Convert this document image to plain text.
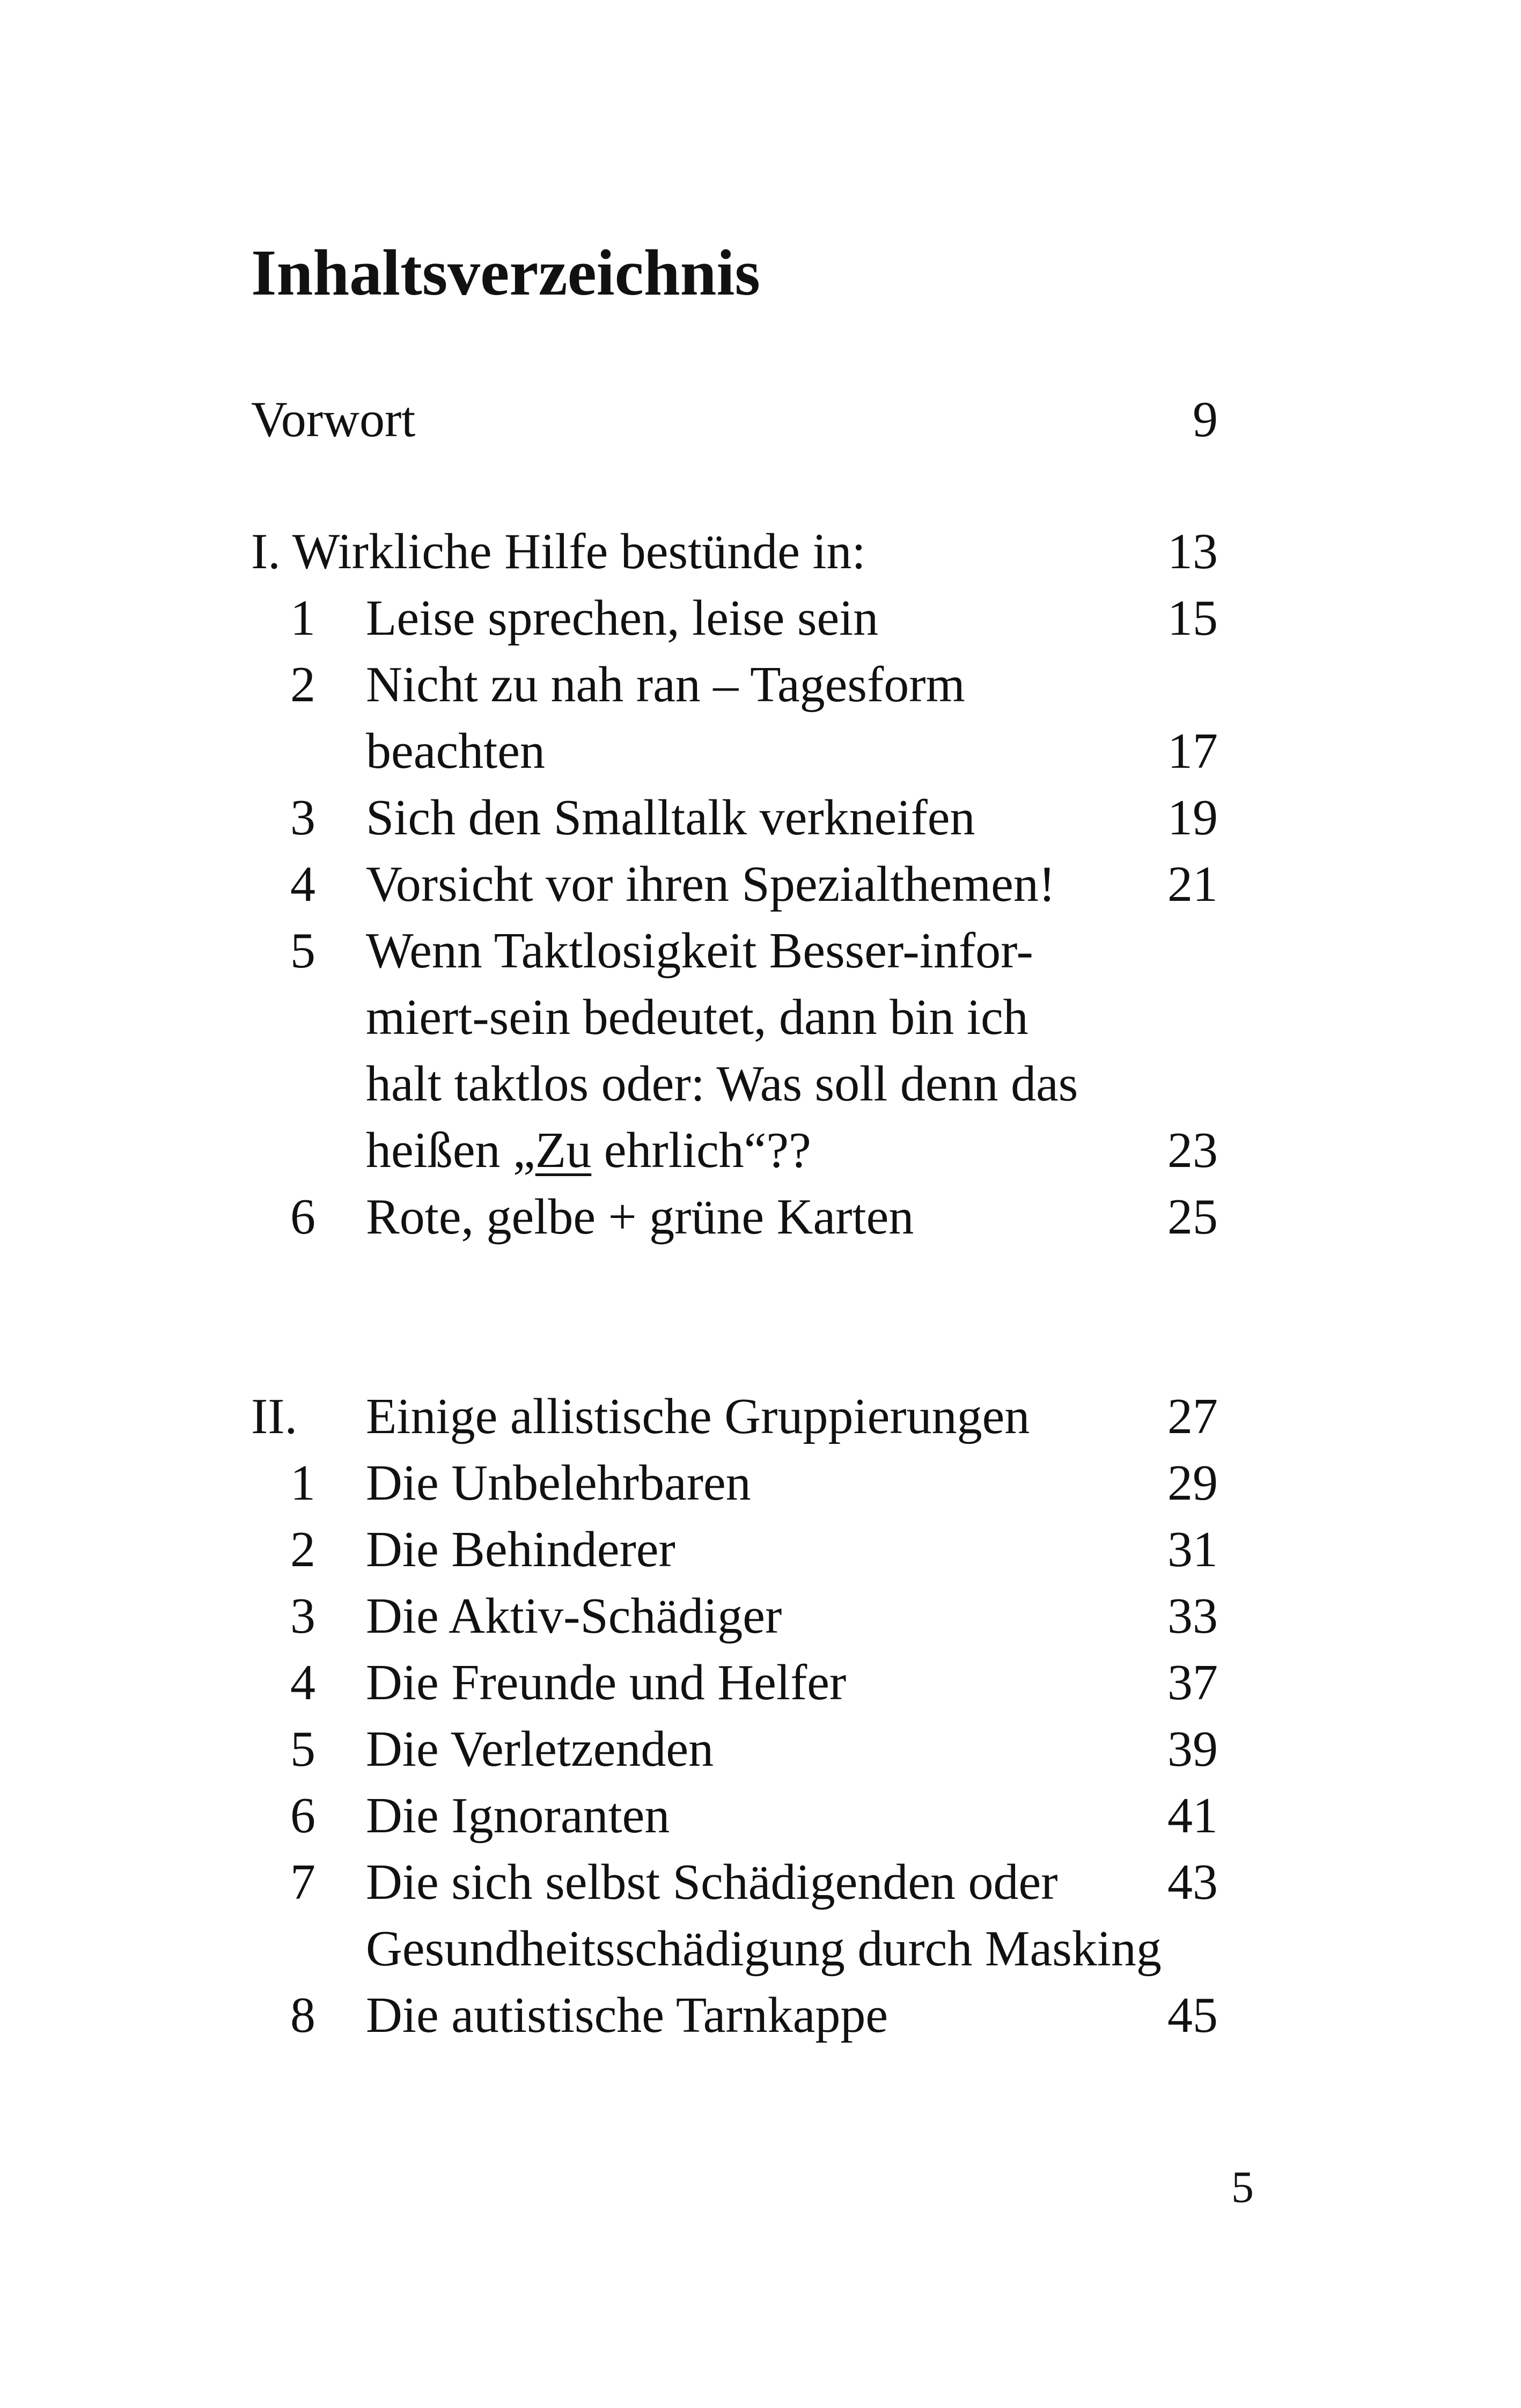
Inhaltsverzeichnis
Vorwort	9
I. Wirkliche Hilfe bestünde in:	13
1 Leise sprechen, leise sein	15
2 Nicht zu nah ran – Tagesform
beachten	17
3 Sich den Smalltalk verkneifen	19
4 Vorsicht vor ihren Spezialthemen! 21
5 Wenn Taktlosigkeit Besser-infor-
miert-sein bedeutet, dann bin ich
halt taktlos oder: Was soll denn das
heißen „Zu ehrlich“??	23
6 Rote, gelbe + grüne Karten	25
II. Einige allistische Gruppierungen	27
1 Die Unbelehrbaren	29
2 Die Behinderer	31
3 Die Aktiv-Schädiger	33
4 Die Freunde und Helfer	37
5 Die Verletzenden	39
6 Die Ignoranten	41
7 Die sich selbst Schädigenden oder 43
Gesundheitsschädigung durch Masking
8 Die autistische Tarnkappe	45
5
